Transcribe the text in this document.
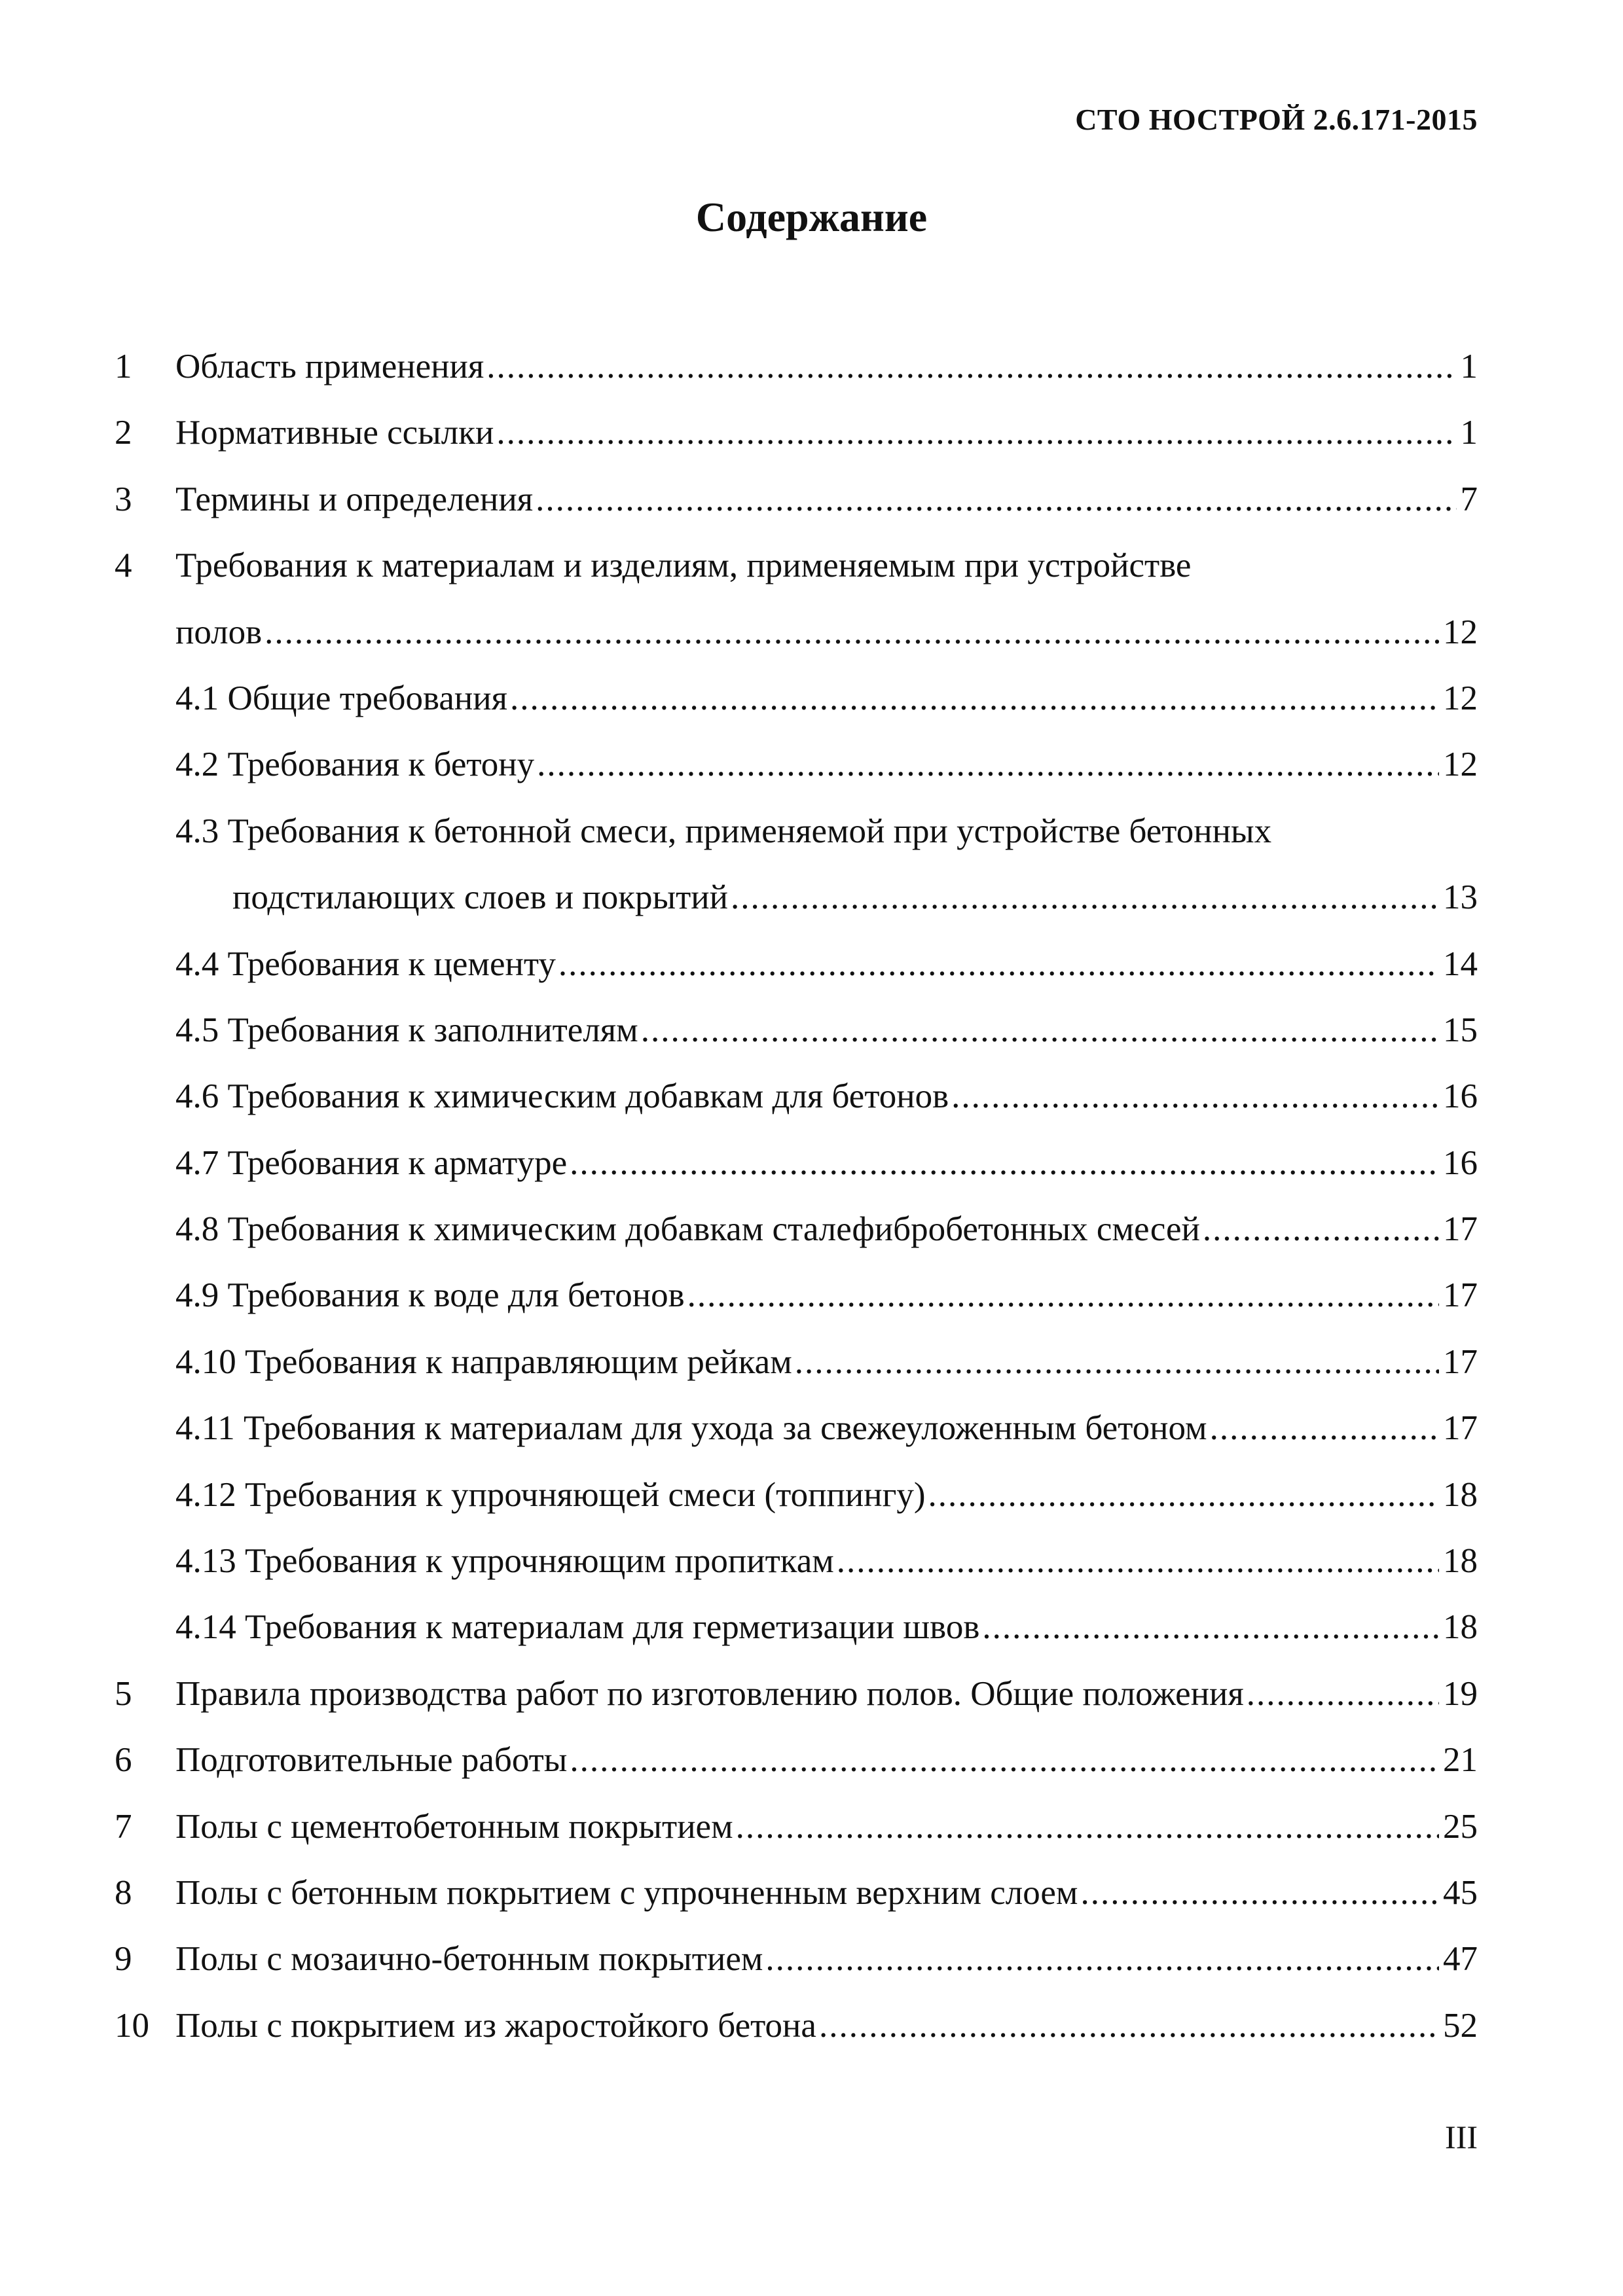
СТО НОСТРОЙ 2.6.171-2015
Содержание
1 Область применения .....	1
2 Нормативные ссылки .....	1
3 Термины и определения .....	7
4 Требования к материалам и изделиям, применяемым при устройстве
полов .....	12
4.1 Общие требования .....	12
4.2 Требования к бетону .....	12
4.3 Требования к бетонной смеси, применяемой при устройстве бетонных
подстилающих слоев и покрытий .....	13
4.4 Требования к цементу .....	14
4.5 Требования к заполнителям .....	15
4.6 Требования к химическим добавкам для бетонов .....	16
4.7 Требования к арматуре .....	16
4.8 Требования к химическим добавкам сталефибробетонных смесей .....	17
4.9 Требования к воде для бетонов .....	17
4.10 Требования к направляющим рейкам .....	17
4.11 Требования к материалам для ухода за свежеуложенным бетоном .....	17
4.12 Требования к упрочняющей смеси (топпингу) .....	18
4.13 Требования к упрочняющим пропиткам .....	18
4.14 Требования к материалам для герметизации швов .....	18
5 Правила производства работ по изготовлению полов. Общие положения .....	19
6 Подготовительные работы .....	21
7 Полы с цементобетонным покрытием .....	25
8 Полы с бетонным покрытием с упрочненным верхним слоем .....	45
9 Полы с мозаично-бетонным покрытием .....	47
10 Полы с покрытием из жаростойкого бетона .....	52
III
